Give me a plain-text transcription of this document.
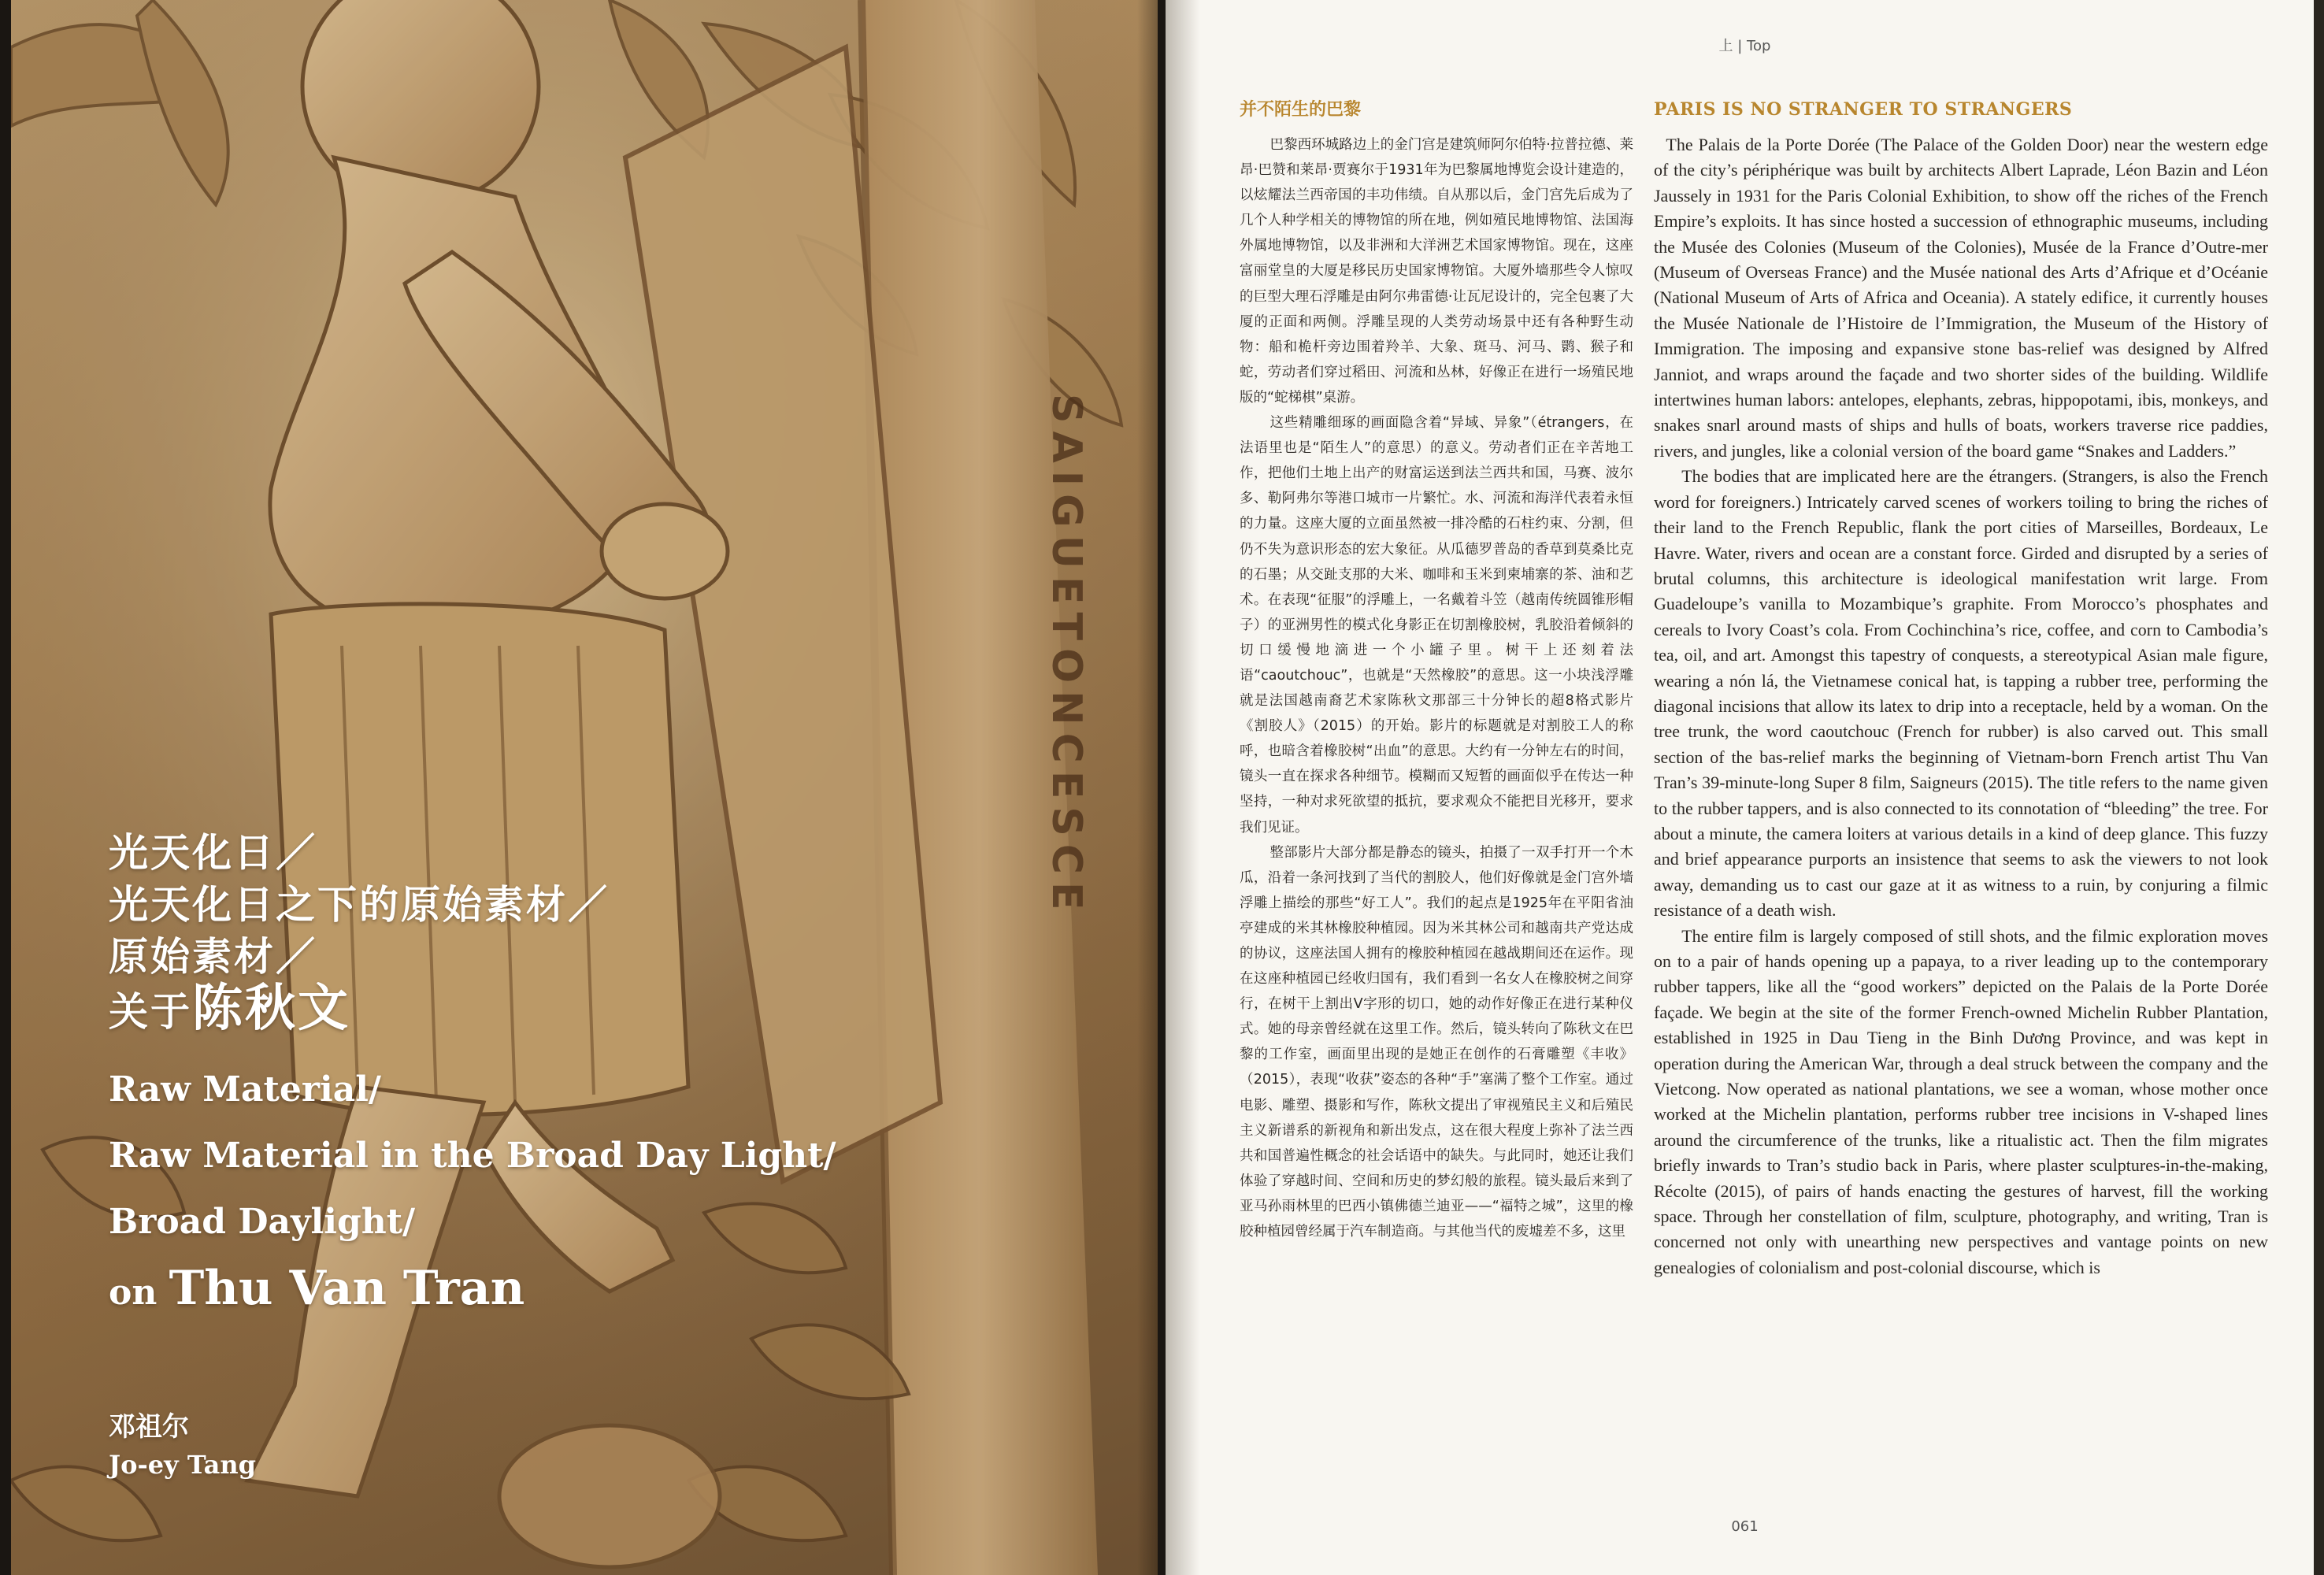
SAIGUETONCESCE
光天化日／
光天化日之下的原始素材／
原始素材／
关于陈秋文
Raw Material/
Raw Material in the Broad Day Light/
Broad Daylight/
on Thu Van Tran
邓祖尔
Jo-ey Tang
上 | Top
并不陌生的巴黎

巴黎西环城路边上的金门宫是建筑师阿尔伯特·拉普拉德、莱昂·巴赞和莱昂·贾赛尔于1931年为巴黎属地博览会设计建造的，以炫耀法兰西帝国的丰功伟绩。自从那以后，金门宫先后成为了几个人种学相关的博物馆的所在地，例如殖民地博物馆、法国海外属地博物馆，以及非洲和大洋洲艺术国家博物馆。现在，这座富丽堂皇的大厦是移民历史国家博物馆。大厦外墙那些令人惊叹的巨型大理石浮雕是由阿尔弗雷德·让瓦尼设计的，完全包裹了大厦的正面和两侧。浮雕呈现的人类劳动场景中还有各种野生动物：船和桅杆旁边围着羚羊、大象、斑马、河马、鹮、猴子和蛇，劳动者们穿过稻田、河流和丛林，好像正在进行一场殖民地版的“蛇梯棋”桌游。

这些精雕细琢的画面隐含着“异域、异象”（étrangers，在法语里也是“陌生人”的意思）的意义。劳动者们正在辛苦地工作，把他们土地上出产的财富运送到法兰西共和国，马赛、波尔多、勒阿弗尔等港口城市一片繁忙。水、河流和海洋代表着永恒的力量。这座大厦的立面虽然被一排冷酷的石柱约束、分割，但仍不失为意识形态的宏大象征。从瓜德罗普岛的香草到莫桑比克的石墨；从交趾支那的大米、咖啡和玉米到柬埔寨的茶、油和艺术。在表现“征服”的浮雕上，一名戴着斗笠（越南传统圆锥形帽子）的亚洲男性的模式化身影正在切割橡胶树，乳胶沿着倾斜的切口缓慢地滴进一个小罐子里。树干上还刻着法语“caoutchouc”，也就是“天然橡胶”的意思。这一小块浅浮雕就是法国越南裔艺术家陈秋文那部三十分钟长的超8格式影片《割胶人》（2015）的开始。影片的标题就是对割胶工人的称呼，也暗含着橡胶树“出血”的意思。大约有一分钟左右的时间，镜头一直在探求各种细节。模糊而又短暂的画面似乎在传达一种坚持，一种对求死欲望的抵抗，要求观众不能把目光移开，要求我们见证。

整部影片大部分都是静态的镜头，拍摄了一双手打开一个木瓜，沿着一条河找到了当代的割胶人，他们好像就是金门宫外墙浮雕上描绘的那些“好工人”。我们的起点是1925年在平阳省油亭建成的米其林橡胶种植园。因为米其林公司和越南共产党达成的协议，这座法国人拥有的橡胶种植园在越战期间还在运作。现在这座种植园已经收归国有，我们看到一名女人在橡胶树之间穿行，在树干上割出V字形的切口，她的动作好像正在进行某种仪式。她的母亲曾经就在这里工作。然后，镜头转向了陈秋文在巴黎的工作室，画面里出现的是她正在创作的石膏雕塑《丰收》（2015），表现“收获”姿态的各种“手”塞满了整个工作室。通过电影、雕塑、摄影和写作，陈秋文提出了审视殖民主义和后殖民主义新谱系的新视角和新出发点，这在很大程度上弥补了法兰西共和国普遍性概念的社会话语中的缺失。与此同时，她还让我们体验了穿越时间、空间和历史的梦幻般的旅程。镜头最后来到了亚马孙雨林里的巴西小镇佛德兰迪亚——“福特之城”，这里的橡胶种植园曾经属于汽车制造商。与其他当代的废墟差不多，这里

PARIS IS NO STRANGER TO STRANGERS

The Palais de la Porte Dorée (The Palace of the Golden Door) near the western edge of the city’s périphérique was built by architects Albert Laprade, Léon Bazin and Léon Jaussely in 1931 for the Paris Colonial Exhibition, to show off the riches of the French Empire’s exploits. It has since hosted a succession of ethnographic museums, including the Musée des Colonies (Museum of the Colonies), Musée de la France d’Outre-mer (Museum of Overseas France) and the Musée national des Arts d’Afrique et d’Océanie (National Museum of Arts of Africa and Oceania). A stately edifice, it currently houses the Musée Nationale de l’Histoire de l’Immigration, the Museum of the History of Immigration. The imposing and expansive stone bas-relief was designed by Alfred Janniot, and wraps around the façade and two shorter sides of the building. Wildlife intertwines human labors: antelopes, elephants, zebras, hippopotami, ibis, monkeys, and snakes snarl around masts of ships and hulls of boats, workers traverse rice paddies, rivers, and jungles, like a colonial version of the board game “Snakes and Ladders.”

The bodies that are implicated here are the étrangers. (Strangers, is also the French word for foreigners.) Intricately carved scenes of workers toiling to bring the riches of their land to the French Republic, flank the port cities of Marseilles, Bordeaux, Le Havre. Water, rivers and ocean are a constant force. Girded and disrupted by a series of brutal columns, this architecture is ideological manifestation writ large. From Guadeloupe’s vanilla to Mozambique’s graphite. From Morocco’s phosphates and cereals to Ivory Coast’s cola. From Cochinchina’s rice, coffee, and corn to Cambodia’s tea, oil, and art. Amongst this tapestry of conquests, a stereotypical Asian male figure, wearing a nón lá, the Vietnamese conical hat, is tapping a rubber tree, performing the diagonal incisions that allow its latex to drip into a receptacle, held by a woman. On the tree trunk, the word caoutchouc (French for rubber) is also carved out. This small section of the bas-relief marks the beginning of Vietnam-born French artist Thu Van Tran’s 39-minute-long Super 8 film, Saigneurs (2015). The title refers to the name given to the rubber tappers, and is also connected to its connotation of “bleeding” the tree. For about a minute, the camera loiters at various details in a kind of deep glance. This fuzzy and brief appearance purports an insistence that seems to ask the viewers to not look away, demanding us to cast our gaze at it as witness to a ruin, by conjuring a filmic resistance of a death wish.

The entire film is largely composed of still shots, and the filmic exploration moves on to a pair of hands opening up a papaya, to a river leading up to the contemporary rubber tappers, like all the “good workers” depicted on the Palais de la Porte Dorée façade. We begin at the site of the former French-owned Michelin Rubber Plantation, established in 1925 in Dau Tieng in the Binh Dương Province, and was kept in operation during the American War, through a deal struck between the company and the Vietcong. Now operated as national plantations, we see a woman, whose mother once worked at the Michelin plantation, performs rubber tree incisions in V-shaped lines around the circumference of the trunks, like a ritualistic act. Then the film migrates briefly inwards to Tran’s studio back in Paris, where plaster sculptures-in-the-making, Récolte (2015), of pairs of hands enacting the gestures of harvest, fill the working space. Through her constellation of film, sculpture, photography, and writing, Tran is concerned not only with unearthing new perspectives and vantage points on new genealogies of colonialism and post-colonial discourse, which is

061
